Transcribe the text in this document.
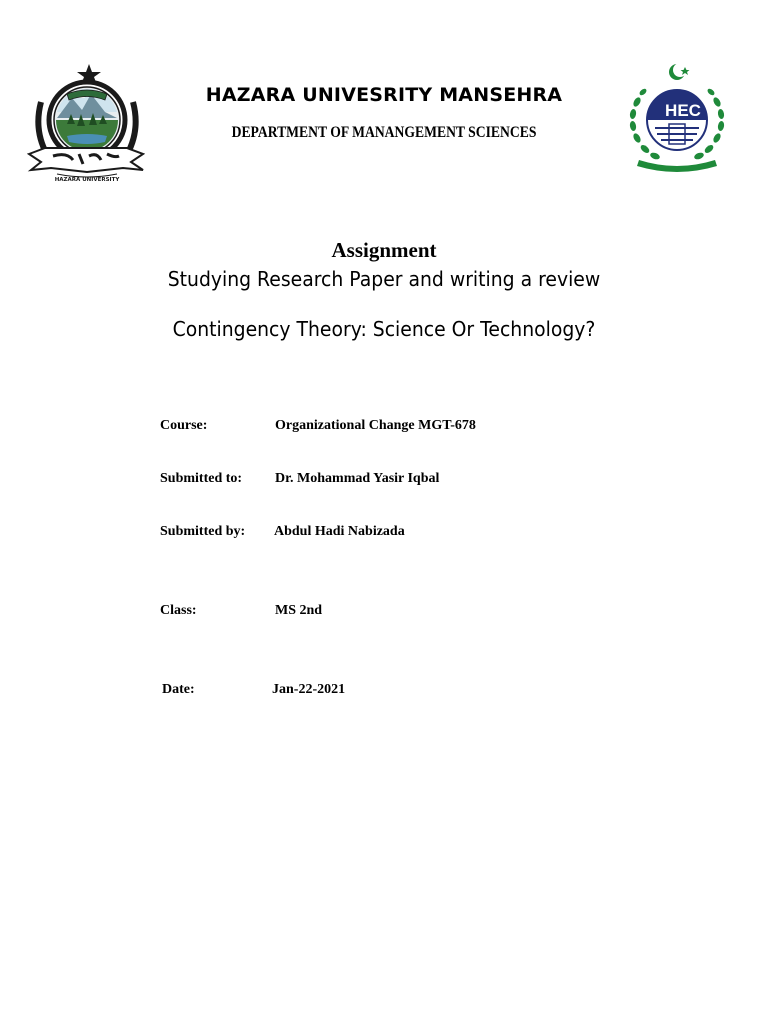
HAZARA UNIVERSITY
HEC
HAZARA UNIVESRITY MANSEHRA
DEPARTMENT OF MANANGEMENT SCIENCES
Assignment
Studying Research Paper and writing a review
Contingency Theory: Science Or Technology?
Course:	Organizational Change MGT-678
Submitted to: Dr. Mohammad Yasir Iqbal
Submitted by: Abdul Hadi Nabizada
Class:	MS 2nd
Date:	Jan-22-2021
